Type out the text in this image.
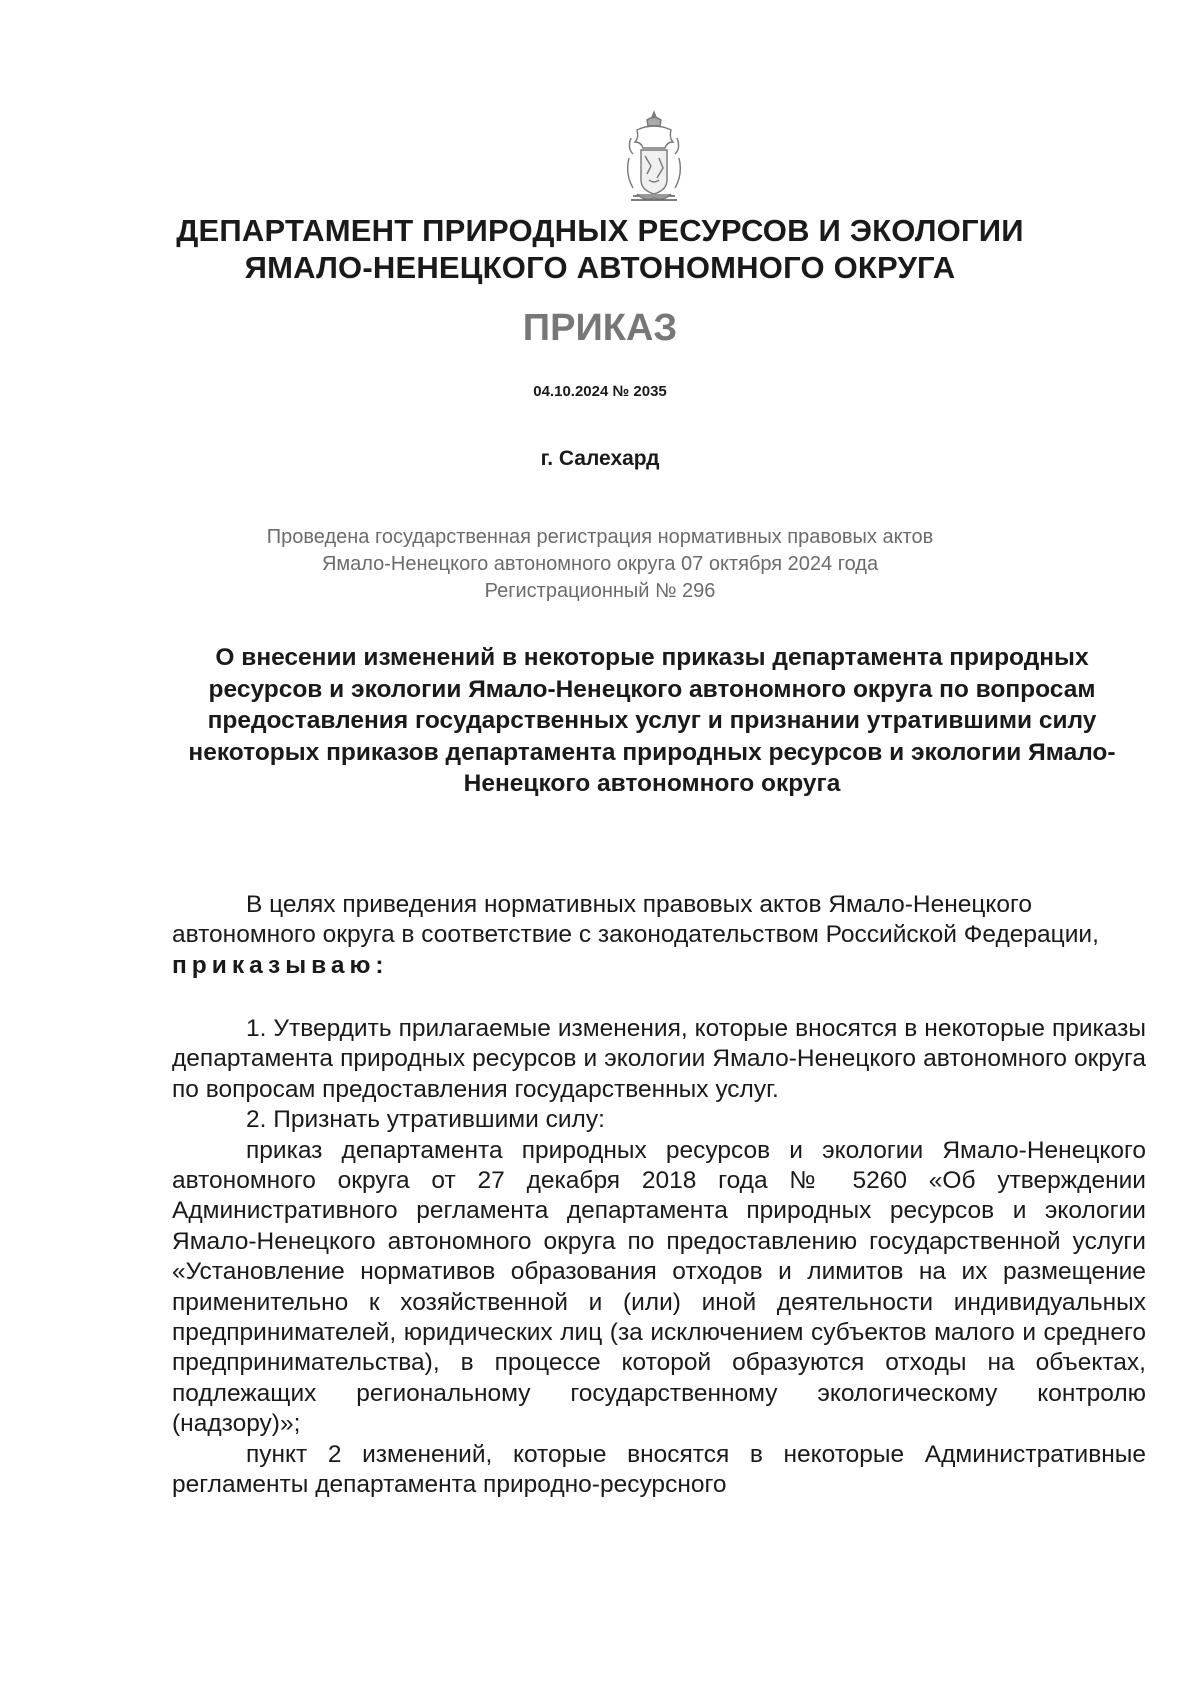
ДЕПАРТАМЕНТ ПРИРОДНЫХ РЕСУРСОВ И ЭКОЛОГИИ
ЯМАЛО-НЕНЕЦКОГО АВТОНОМНОГО ОКРУГА
ПРИКАЗ
04.10.2024 № 2035
г. Салехард
Проведена государственная регистрация нормативных правовых актов
Ямало-Ненецкого автономного округа 07 октября 2024 года
Регистрационный № 296
О внесении изменений в некоторые приказы департамента природных ресурсов и экологии Ямало-Ненецкого автономного округа по вопросам предоставления государственных услуг и признании утратившими силу некоторых приказов департамента природных ресурсов и экологии Ямало-Ненецкого автономного округа

В целях приведения нормативных правовых актов Ямало-Ненецкого автономного округа в соответствие с законодательством Российской Федерации, приказываю:

1. Утвердить прилагаемые изменения, которые вносятся в некоторые приказы департамента природных ресурсов и экологии Ямало-Ненецкого автономного округа по вопросам предоставления государственных услуг.

2. Признать утратившими силу:

приказ департамента природных ресурсов и экологии Ямало-Ненецкого автономного округа от 27 декабря 2018 года № 5260 «Об утверждении Административного регламента департамента природных ресурсов и экологии Ямало-Ненецкого автономного округа по предоставлению государственной услуги «Установление нормативов образования отходов и лимитов на их размещение применительно к хозяйственной и (или) иной деятельности индивидуальных предпринимателей, юридических лиц (за исключением субъектов малого и среднего предпринимательства), в процессе которой образуются отходы на объектах, подлежащих региональному государственному экологическому контролю (надзору)»;

пункт 2 изменений, которые вносятся в некоторые Административные регламенты департамента природно-ресурсного
